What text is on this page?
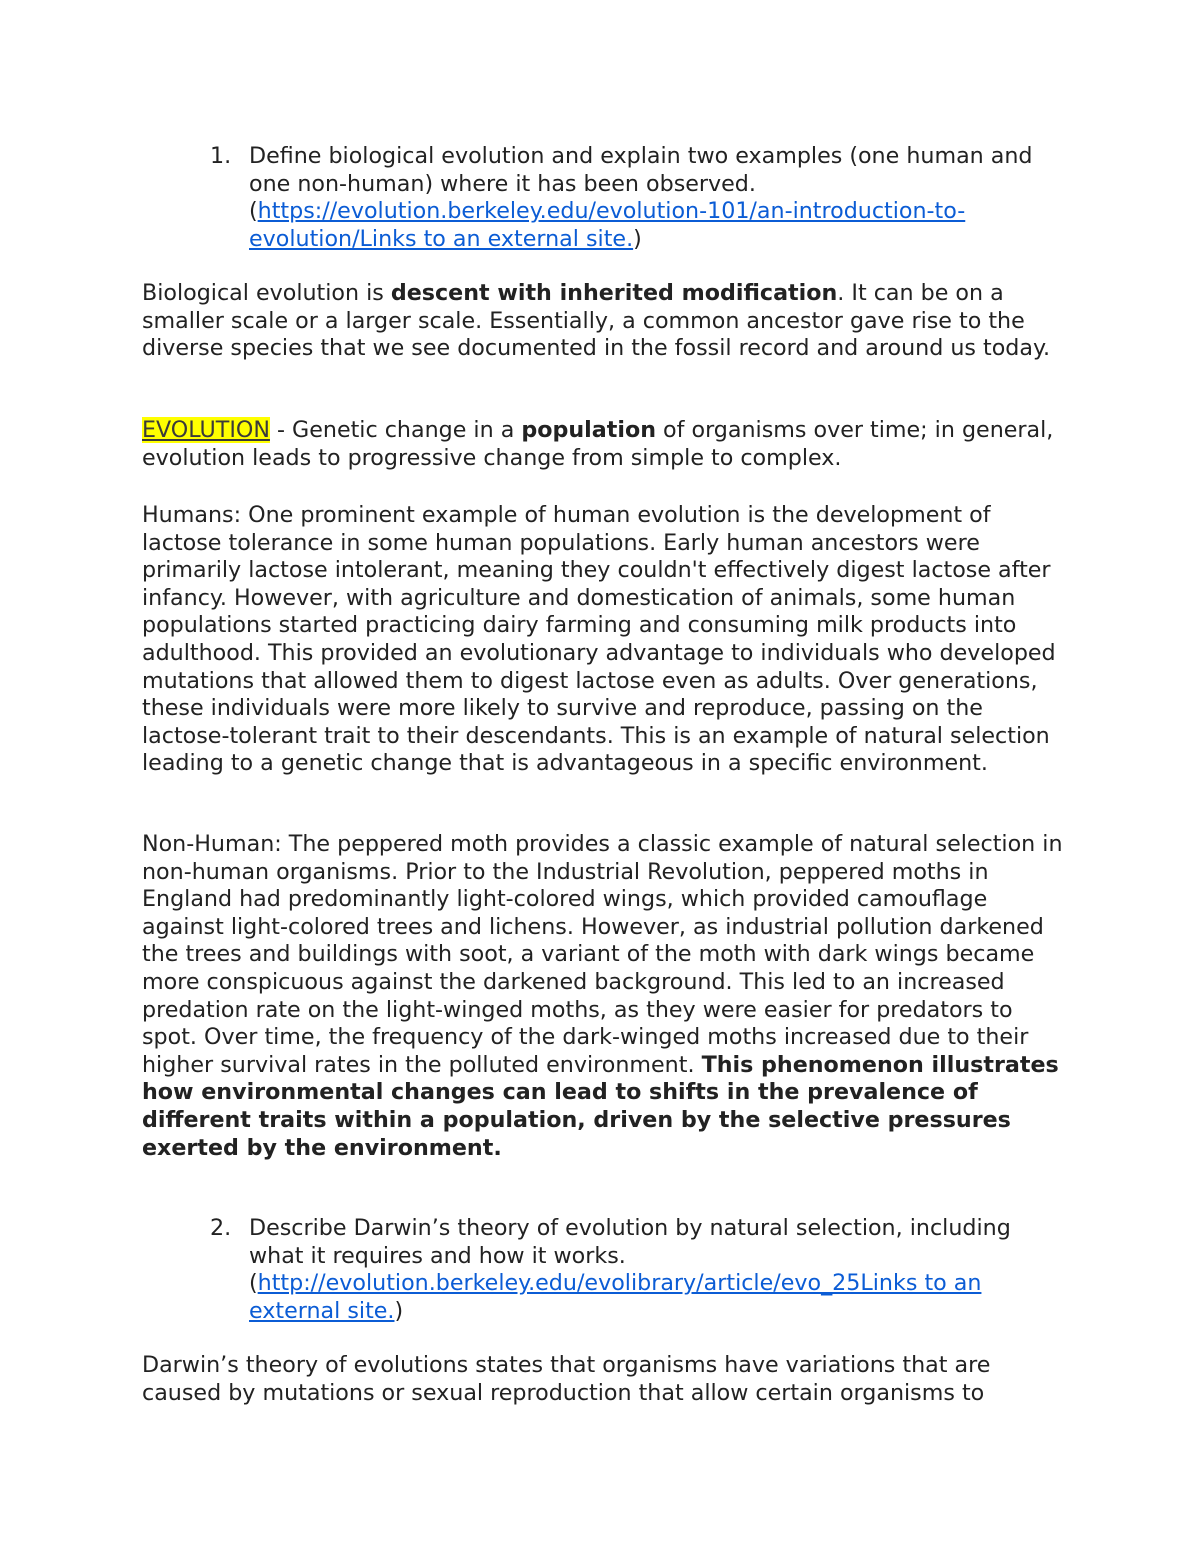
1. Define biological evolution and explain two examples (one human and one non-human) where it has been observed. (https://evolution.berkeley.edu/evolution-101/an-introduction-to-evolution/Links to an external site.)

Biological evolution is descent with inherited modification. It can be on a smaller scale or a larger scale. Essentially, a common ancestor gave rise to the diverse species that we see documented in the fossil record and around us today.

EVOLUTION - Genetic change in a population of organisms over time; in general, evolution leads to progressive change from simple to complex.

Humans: One prominent example of human evolution is the development of lactose tolerance in some human populations. Early human ancestors were primarily lactose intolerant, meaning they couldn't effectively digest lactose after infancy. However, with agriculture and domestication of animals, some human populations started practicing dairy farming and consuming milk products into adulthood. This provided an evolutionary advantage to individuals who developed mutations that allowed them to digest lactose even as adults. Over generations, these individuals were more likely to survive and reproduce, passing on the lactose-tolerant trait to their descendants. This is an example of natural selection leading to a genetic change that is advantageous in a specific environment.

Non-Human: The peppered moth provides a classic example of natural selection in non-human organisms. Prior to the Industrial Revolution, peppered moths in England had predominantly light-colored wings, which provided camouflage against light-colored trees and lichens. However, as industrial pollution darkened the trees and buildings with soot, a variant of the moth with dark wings became more conspicuous against the darkened background. This led to an increased predation rate on the light-winged moths, as they were easier for predators to spot. Over time, the frequency of the dark-winged moths increased due to their higher survival rates in the polluted environment. This phenomenon illustrates how environmental changes can lead to shifts in the prevalence of different traits within a population, driven by the selective pressures exerted by the environment.

2. Describe Darwin’s theory of evolution by natural selection, including what it requires and how it works. (http://evolution.berkeley.edu/evolibrary/article/evo_25Links to an external site.)

Darwin’s theory of evolutions states that organisms have variations that are caused by mutations or sexual reproduction that allow certain organisms to
